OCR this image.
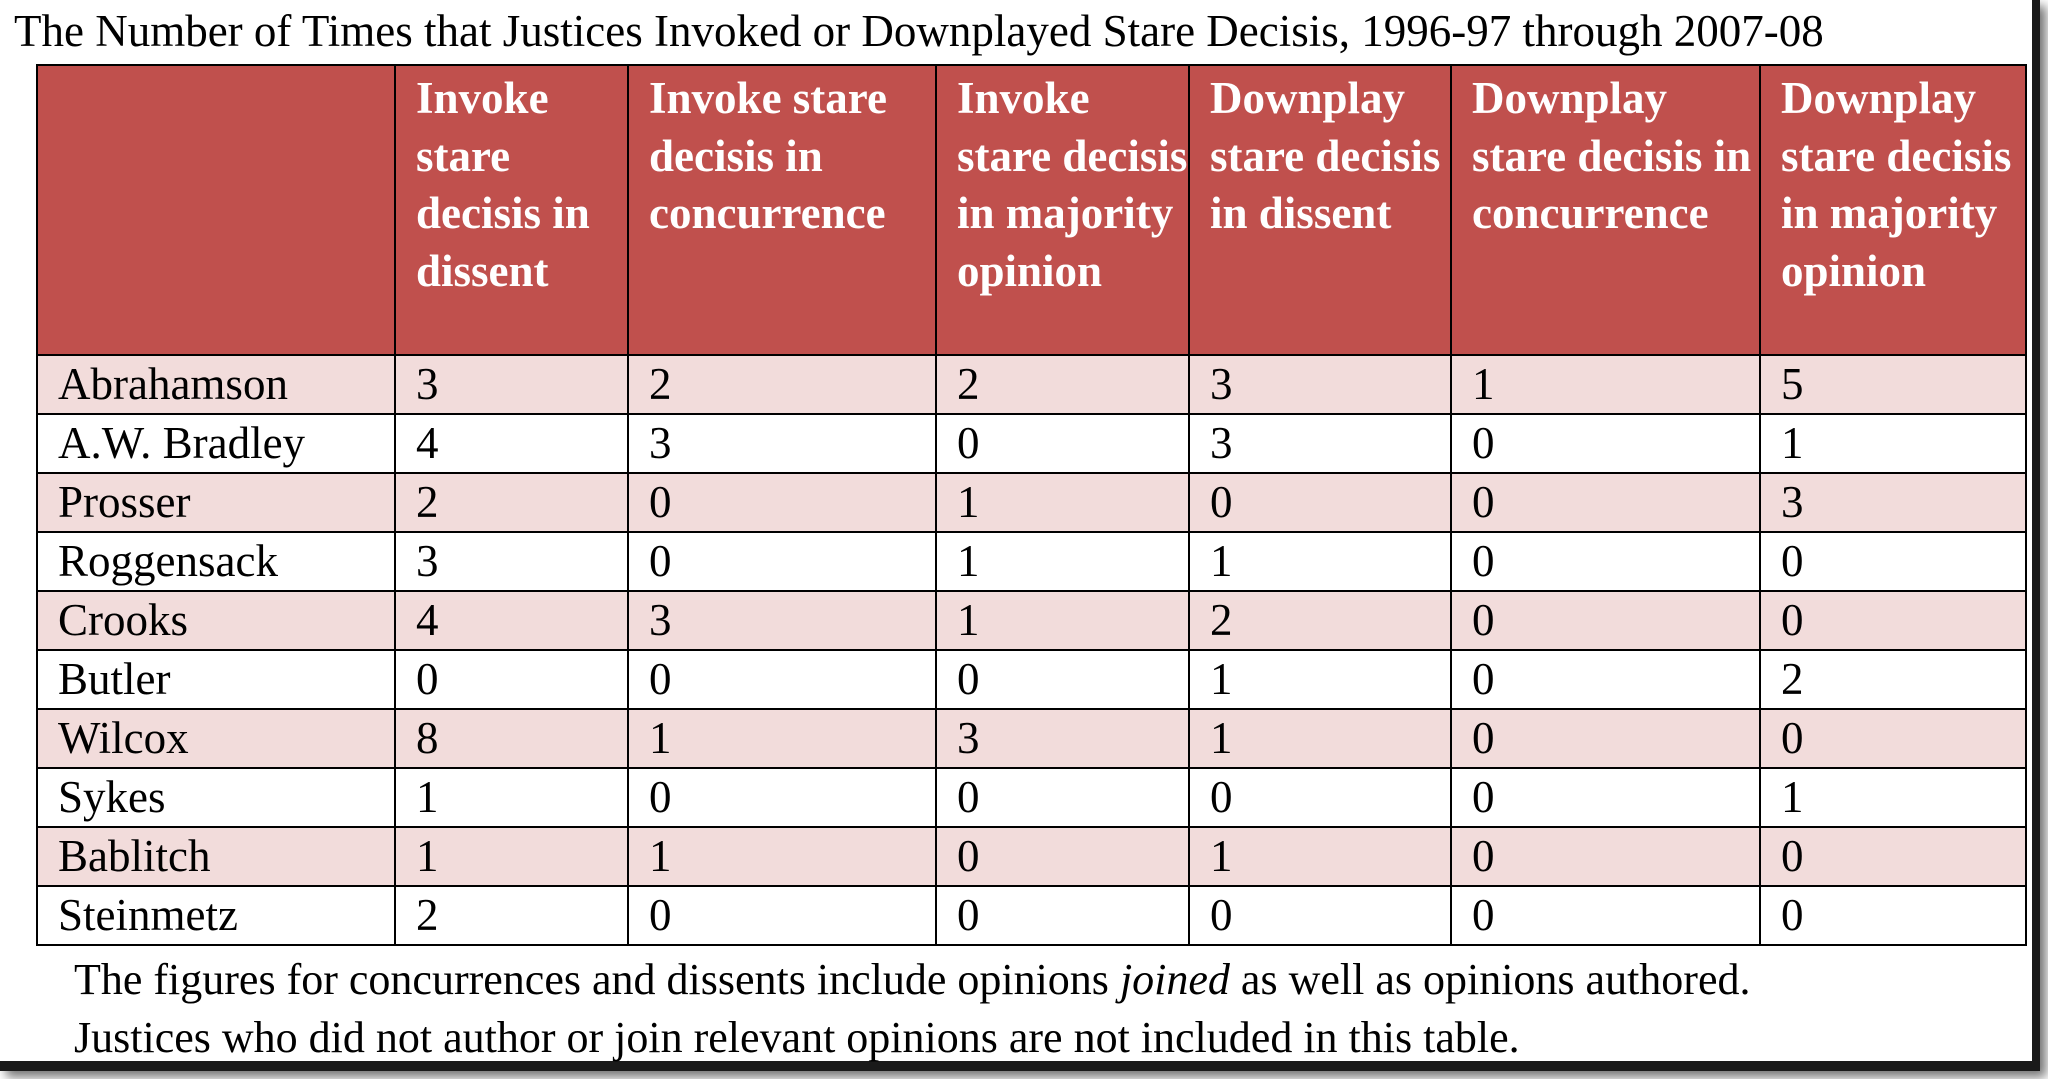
The Number of Times that Justices Invoked or Downplayed Stare Decisis, 1996-97 through 2007-08
	Invoke stare decisis in dissent	Invoke stare decisis in concurrence	Invoke stare decisis in majority opinion	Downplay stare decisis in dissent	Downplay stare decisis in concurrence	Downplay stare decisis in majority opinion
Abrahamson	3	2	2	3	1	5
A.W. Bradley	4	3	0	3	0	1
Prosser	2	0	1	0	0	3
Roggensack	3	0	1	1	0	0
Crooks	4	3	1	2	0	0
Butler	0	0	0	1	0	2
Wilcox	8	1	3	1	0	0
Sykes	1	0	0	0	0	1
Bablitch	1	1	0	1	0	0
Steinmetz	2	0	0	0	0	0

The figures for concurrences and dissents include opinions joined as well as opinions authored.

Justices who did not author or join relevant opinions are not included in this table.
